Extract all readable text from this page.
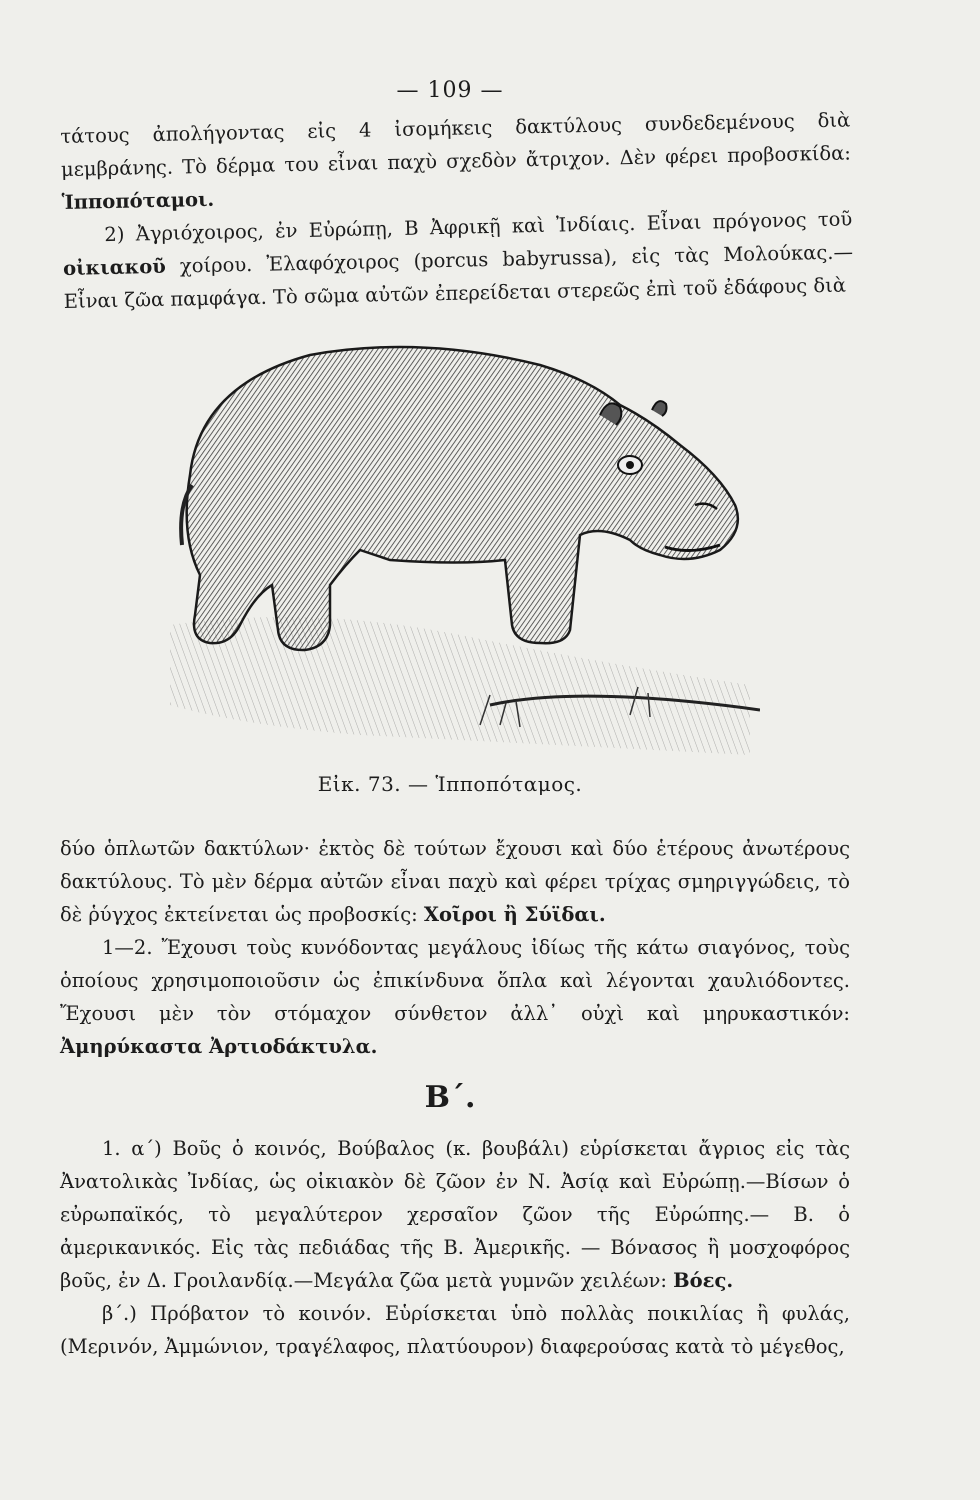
— 109 —

τάτους ἀπολήγοντας εἰς 4 ἰσομήκεις δακτύλους συνδεδεμένους διὰ μεμβράνης. Τὸ δέρμα του εἶναι παχὺ σχεδὸν ἄτριχον. Δὲν φέρει προβοσκίδα: Ἱπποπόταμοι.

2) Ἀγριόχοιρος, ἐν Εὐρώπῃ, Β Ἀφρικῇ καὶ Ἰνδίαις. Εἶναι πρόγονος τοῦ οἰκιακοῦ χοίρου. Ἐλαφόχοιρος (porcus babyrussa), εἰς τὰς Μολούκας.— Εἶναι ζῶα παμφάγα. Τὸ σῶμα αὐτῶν ἐπερείδεται στερεῶς ἐπὶ τοῦ ἐδάφους διὰ

Εἰκ. 73. — Ἱπποπόταμος.

δύο ὁπλωτῶν δακτύλων· ἐκτὸς δὲ τούτων ἔχουσι καὶ δύο ἑτέρους ἀνωτέρους δακτύλους. Τὸ μὲν δέρμα αὐτῶν εἶναι παχὺ καὶ φέρει τρίχας σμηριγγώδεις, τὸ δὲ ῥύγχος ἐκτείνεται ὡς προβοσκίς: Χοῖροι ἢ Σύϊδαι.

1—2. Ἔχουσι τοὺς κυνόδοντας μεγάλους ἰδίως τῆς κάτω σιαγόνος, τοὺς ὁποίους χρησιμοποιοῦσιν ὡς ἐπικίνδυνα ὅπλα καὶ λέγονται χαυλιόδοντες. Ἔχουσι μὲν τὸν στόμαχον σύνθετον ἀλλ᾽ οὐχὶ καὶ μηρυκαστικόν: Ἀμηρύκαστα Ἀρτιοδάκτυλα.

Β΄.

1. α΄) Βοῦς ὁ κοινός, Βούβαλος (κ. βουβάλι) εὑρίσκεται ἄγριος εἰς τὰς Ἀνατολικὰς Ἰνδίας, ὡς οἰκιακὸν δὲ ζῶον ἐν Ν. Ἀσίᾳ καὶ Εὐρώπῃ.—Βίσων ὁ εὐρωπαϊκός, τὸ μεγαλύτερον χερσαῖον ζῶον τῆς Εὐρώπης.— Β. ὁ ἀμερικανικός. Εἰς τὰς πεδιάδας τῆς Β. Ἀμερικῆς. — Βόνασος ἢ μοσχοφόρος βοῦς, ἐν Δ. Γροιλανδίᾳ.—Μεγάλα ζῶα μετὰ γυμνῶν χειλέων: Βόες.

β΄.) Πρόβατον τὸ κοινόν. Εὑρίσκεται ὑπὸ πολλὰς ποικιλίας ἢ φυλάς, (Μερινόν, Ἀμμώνιον, τραγέλαφος, πλατύουρον) διαφερούσας κατὰ τὸ μέγεθος,
